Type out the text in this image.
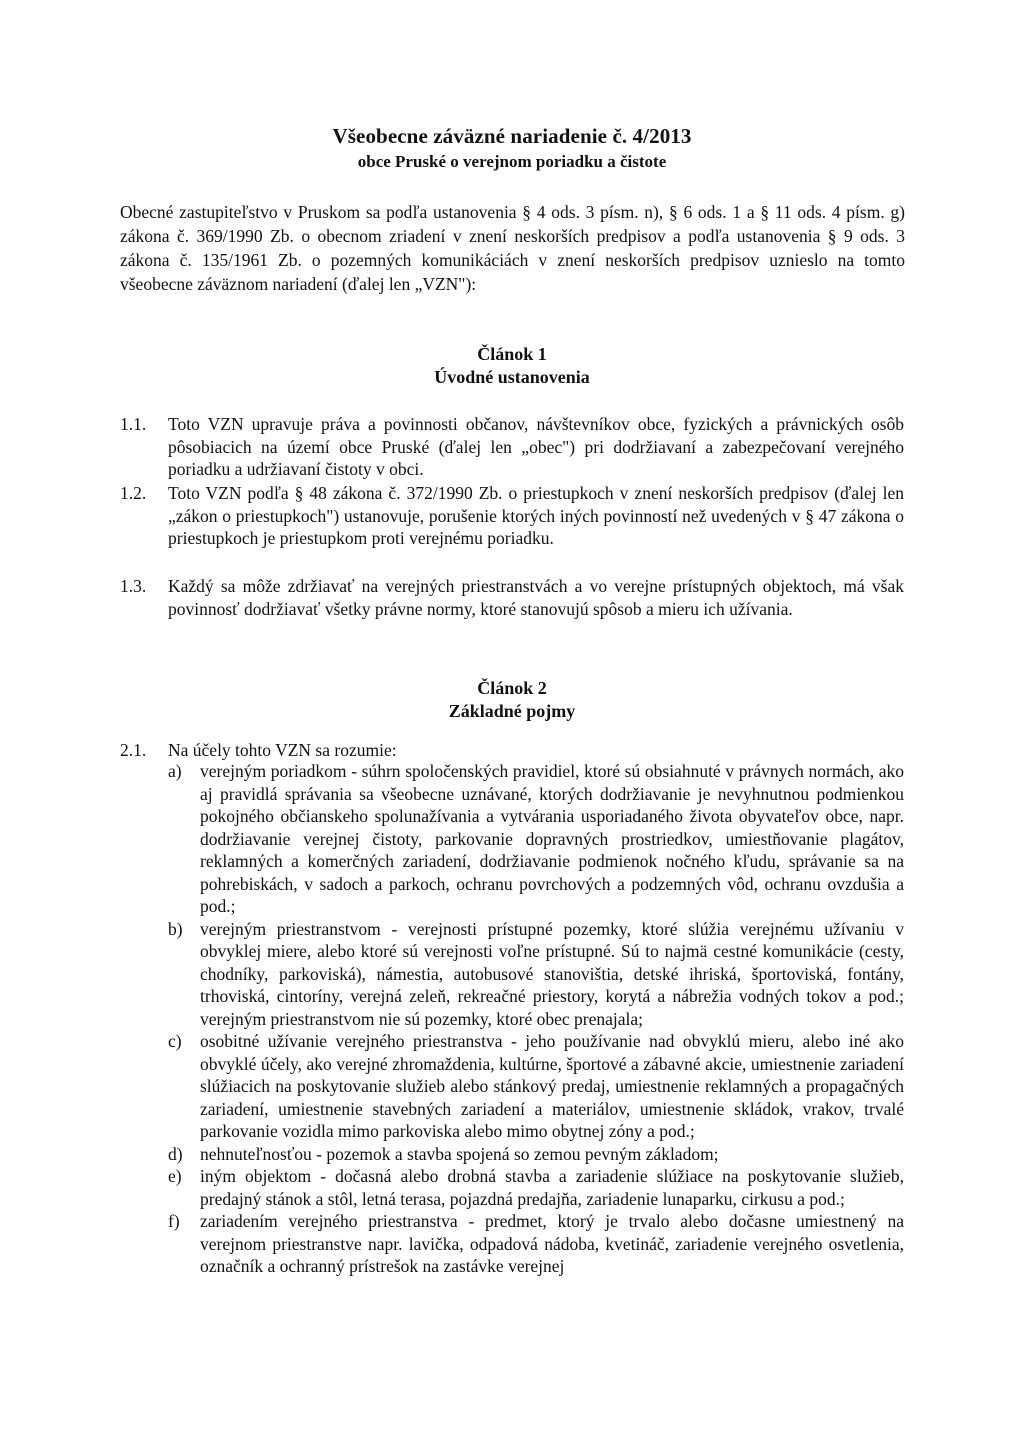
Všeobecne záväzné nariadenie č. 4/2013
obce Pruské o verejnom poriadku a čistote
Obecné zastupiteľstvo v Pruskom sa podľa ustanovenia § 4 ods. 3 písm. n), § 6 ods. 1 a § 11 ods. 4 písm. g) zákona č. 369/1990 Zb. o obecnom zriadení v znení neskorších predpisov a podľa ustanovenia § 9 ods. 3 zákona č. 135/1961 Zb. o pozemných komunikáciách v znení neskorších predpisov uznieslo na tomto všeobecne záväznom nariadení (ďalej len „VZN"):
Článok 1
Úvodné ustanovenia
1.1.	Toto VZN upravuje práva a povinnosti občanov, návštevníkov obce, fyzických a právnických osôb pôsobiacich na území obce Pruské (ďalej len „obec") pri dodržiavaní a zabezpečovaní verejného poriadku a udržiavaní čistoty v obci.
1.2.	Toto VZN podľa § 48 zákona č. 372/1990 Zb. o priestupkoch v znení neskorších predpisov (ďalej len „zákon o priestupkoch") ustanovuje, porušenie ktorých iných povinností než uvedených v § 47 zákona o priestupkoch je priestupkom proti verejnému poriadku.
1.3.	Každý sa môže zdržiavať na verejných priestranstvách a vo verejne prístupných objektoch, má však povinnosť dodržiavať všetky právne normy, ktoré stanovujú spôsob a mieru ich užívania.
Článok 2
Základné pojmy
2.1.	Na účely tohto VZN sa rozumie:
a)	verejným poriadkom - súhrn spoločenských pravidiel, ktoré sú obsiahnuté v právnych normách, ako aj pravidlá správania sa všeobecne uznávané, ktorých dodržiavanie je nevyhnutnou podmienkou pokojného občianskeho spolunažívania a vytvárania usporiadaného života obyvateľov obce, napr. dodržiavanie verejnej čistoty, parkovanie dopravných prostriedkov, umiestňovanie plagátov, reklamných a komerčných zariadení, dodržiavanie podmienok nočného kľudu, správanie sa na pohrebiskách, v sadoch a parkoch, ochranu povrchových a podzemných vôd, ochranu ovzdušia a pod.;
b) verejným priestranstvom - verejnosti prístupné pozemky, ktoré slúžia verejnému užívaniu v obvyklej miere, alebo ktoré sú verejnosti voľne prístupné. Sú to najmä cestné komunikácie (cesty, chodníky, parkoviská), námestia, autobusové stanovištia, detské ihriská, športoviská, fontány, trhoviská, cintoríny, verejná zeleň, rekreačné priestory, korytá a nábrežia vodných tokov a pod.; verejným priestranstvom nie sú pozemky, ktoré obec prenajala;
c)	osobitné užívanie verejného priestranstva - jeho používanie nad obvyklú mieru, alebo iné ako obvyklé účely, ako verejné zhromaždenia, kultúrne, športové a zábavné akcie, umiestnenie zariadení slúžiacich na poskytovanie služieb alebo stánkový predaj, umiestnenie reklamných a propagačných zariadení, umiestnenie stavebných zariadení a materiálov, umiestnenie skládok, vrakov, trvalé parkovanie vozidla mimo parkoviska alebo mimo obytnej zóny a pod.;
d) nehnuteľnosťou - pozemok a stavba spojená so zemou pevným základom;
e)	iným objektom - dočasná alebo drobná stavba a zariadenie slúžiace na poskytovanie služieb, predajný stánok a stôl, letná terasa, pojazdná predajňa, zariadenie lunaparku, cirkusu a pod.;
f)	zariadením verejného priestranstva - predmet, ktorý je trvalo alebo dočasne umiestnený na verejnom priestranstve napr. lavička, odpadová nádoba, kvetináč, zariadenie verejného osvetlenia, označník a ochranný prístrešok na zastávke verejnej
